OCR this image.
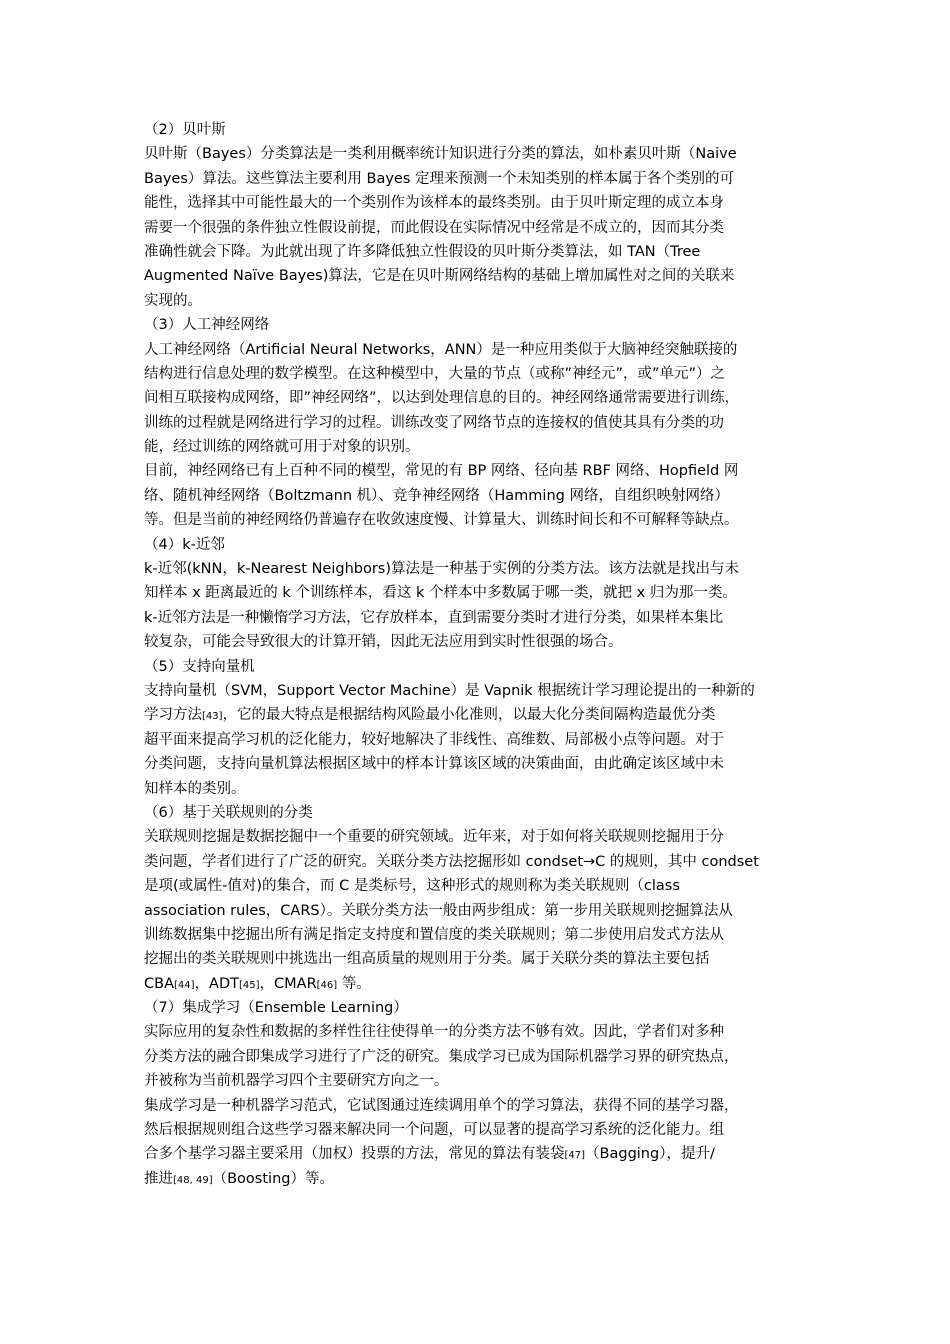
（2）贝叶斯
贝叶斯（Bayes）分类算法是一类利用概率统计知识进行分类的算法，如朴素贝叶斯（Naive
Bayes）算法。这些算法主要利用 Bayes 定理来预测一个未知类别的样本属于各个类别的可
能性，选择其中可能性最大的一个类别作为该样本的最终类别。由于贝叶斯定理的成立本身
需要一个很强的条件独立性假设前提，而此假设在实际情况中经常是不成立的，因而其分类
准确性就会下降。为此就出现了许多降低独立性假设的贝叶斯分类算法，如 TAN（Tree
Augmented Naïve Bayes)算法，它是在贝叶斯网络结构的基础上增加属性对之间的关联来
实现的。
（3）人工神经网络
人工神经网络（Artificial Neural Networks，ANN）是一种应用类似于大脑神经突触联接的
结构进行信息处理的数学模型。在这种模型中，大量的节点（或称”神经元”，或”单元”）之
间相互联接构成网络，即”神经网络”，以达到处理信息的目的。神经网络通常需要进行训练，
训练的过程就是网络进行学习的过程。训练改变了网络节点的连接权的值使其具有分类的功
能，经过训练的网络就可用于对象的识别。
目前，神经网络已有上百种不同的模型，常见的有 BP 网络、径向基 RBF 网络、Hopfield 网
络、随机神经网络（Boltzmann 机）、竞争神经网络（Hamming 网络，自组织映射网络）
等。但是当前的神经网络仍普遍存在收敛速度慢、计算量大、训练时间长和不可解释等缺点。
（4）k-近邻
k-近邻(kNN，k-Nearest Neighbors)算法是一种基于实例的分类方法。该方法就是找出与未
知样本 x 距离最近的 k 个训练样本，看这 k 个样本中多数属于哪一类，就把 x 归为那一类。
k-近邻方法是一种懒惰学习方法，它存放样本，直到需要分类时才进行分类，如果样本集比
较复杂，可能会导致很大的计算开销，因此无法应用到实时性很强的场合。
（5）支持向量机
支持向量机（SVM，Support Vector Machine）是 Vapnik 根据统计学习理论提出的一种新的
学习方法[43]，它的最大特点是根据结构风险最小化准则，以最大化分类间隔构造最优分类
超平面来提高学习机的泛化能力，较好地解决了非线性、高维数、局部极小点等问题。对于
分类问题，支持向量机算法根据区域中的样本计算该区域的决策曲面，由此确定该区域中未
知样本的类别。
（6）基于关联规则的分类
关联规则挖掘是数据挖掘中一个重要的研究领域。近年来，对于如何将关联规则挖掘用于分
类问题，学者们进行了广泛的研究。关联分类方法挖掘形如 condset→C 的规则，其中 condset
是项(或属性-值对)的集合，而 C 是类标号，这种形式的规则称为类关联规则（class
association rules，CARS）。关联分类方法一般由两步组成：第一步用关联规则挖掘算法从
训练数据集中挖掘出所有满足指定支持度和置信度的类关联规则；第二步使用启发式方法从
挖掘出的类关联规则中挑选出一组高质量的规则用于分类。属于关联分类的算法主要包括
CBA[44]，ADT[45]，CMAR[46] 等。
（7）集成学习（Ensemble Learning）
实际应用的复杂性和数据的多样性往往使得单一的分类方法不够有效。因此，学者们对多种
分类方法的融合即集成学习进行了广泛的研究。集成学习已成为国际机器学习界的研究热点，
并被称为当前机器学习四个主要研究方向之一。
集成学习是一种机器学习范式，它试图通过连续调用单个的学习算法，获得不同的基学习器，
然后根据规则组合这些学习器来解决同一个问题，可以显著的提高学习系统的泛化能力。组
合多个基学习器主要采用（加权）投票的方法，常见的算法有装袋[47]（Bagging），提升/
推进[48, 49]（Boosting）等。
